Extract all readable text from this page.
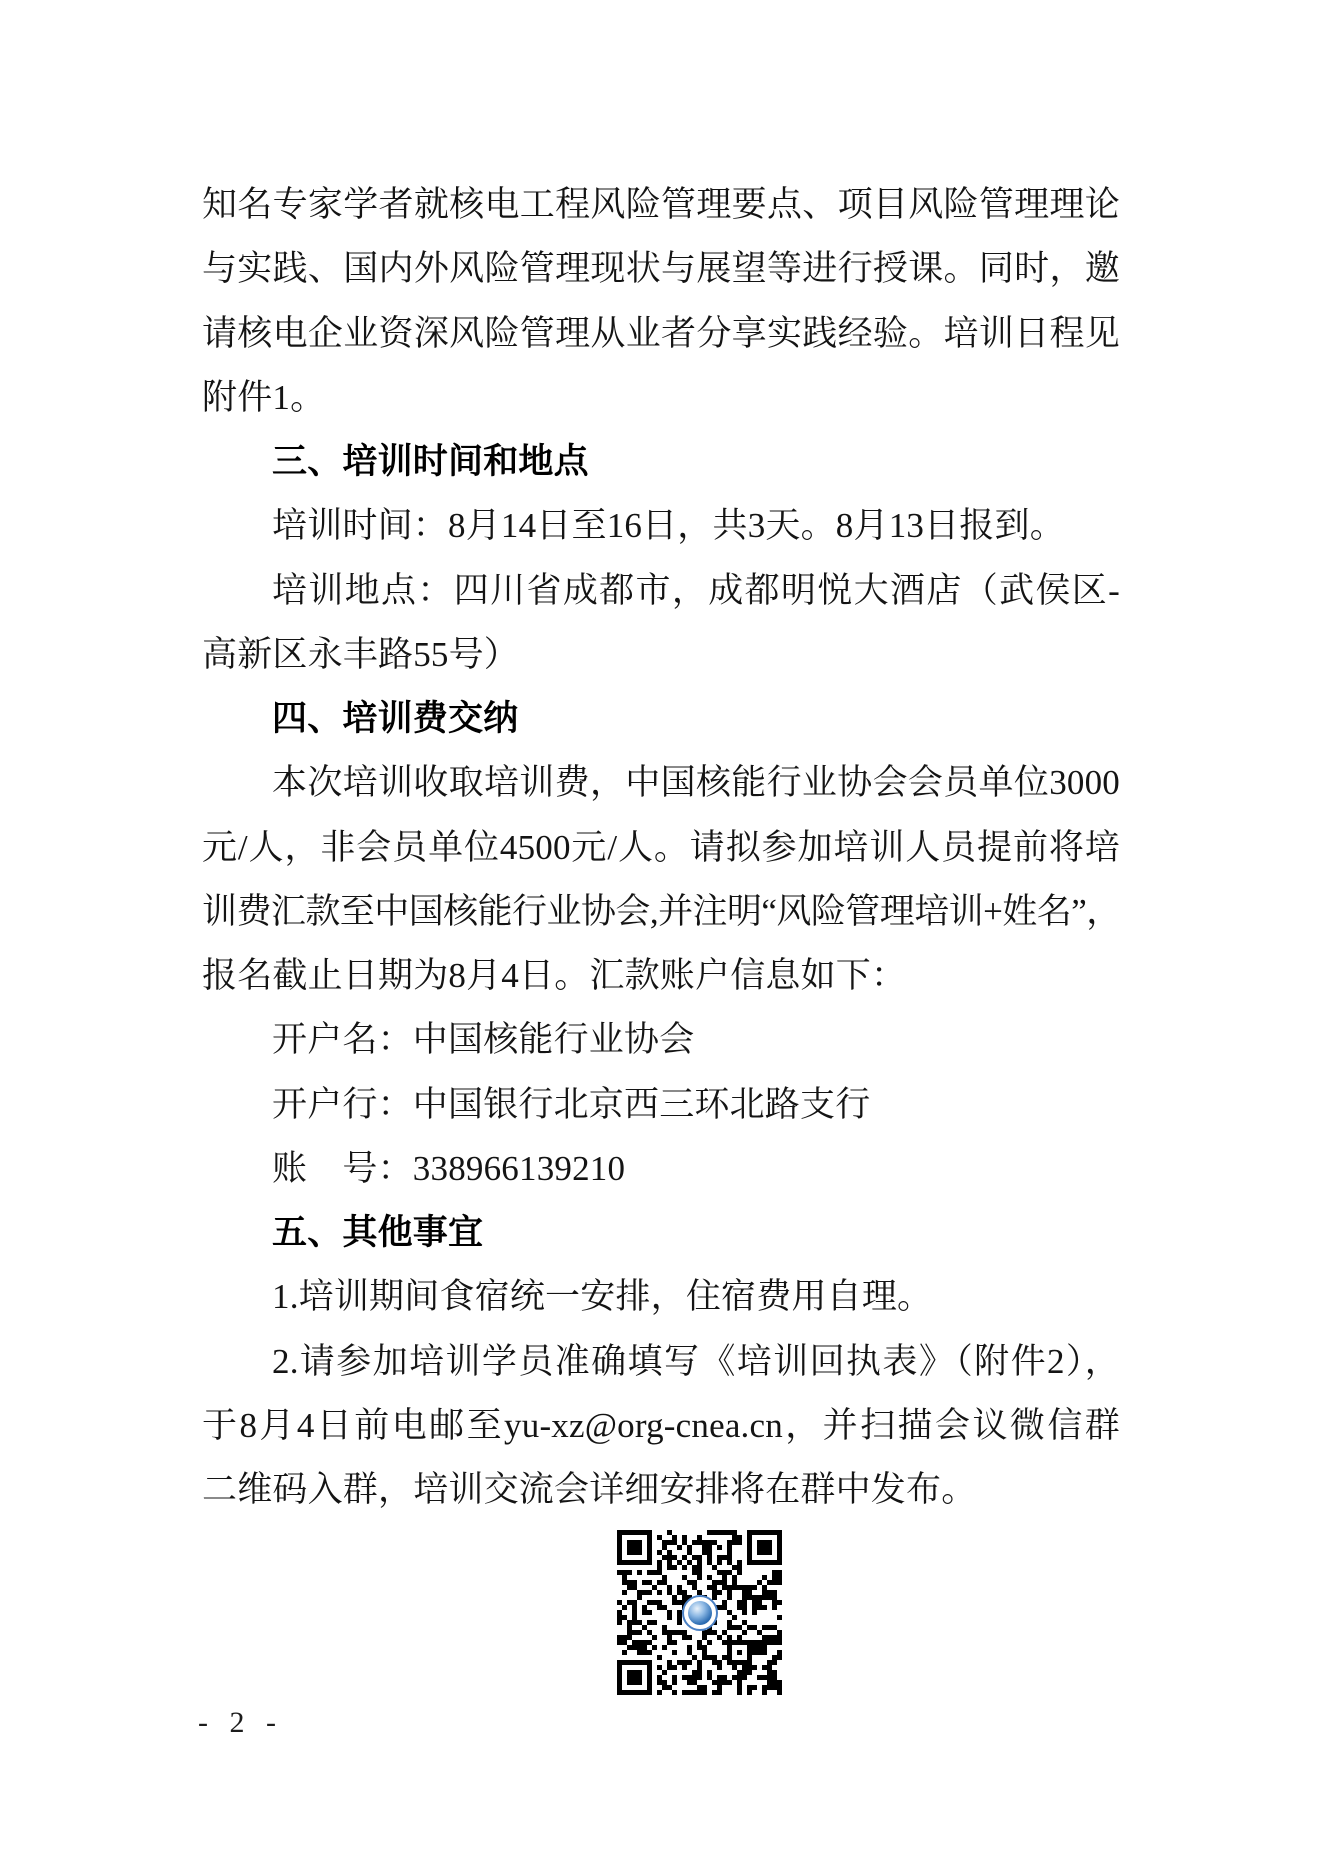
知名专家学者就核电工程风险管理要点、项目风险管理理论
与实践、国内外风险管理现状与展望等进行授课。同时，邀
请核电企业资深风险管理从业者分享实践经验。培训日程见
附件1。
三、培训时间和地点
培训时间：8月14日至16日，共3天。8月13日报到。
培训地点：四川省成都市，成都明悦大酒店（武侯区-
高新区永丰路55号）
四、培训费交纳
本次培训收取培训费，中国核能行业协会会员单位3000
元/人，非会员单位4500元/人。请拟参加培训人员提前将培
训费汇款至中国核能行业协会,并注明“风险管理培训+姓名”，
报名截止日期为8月4日。汇款账户信息如下：
开户名：中国核能行业协会
开户行：中国银行北京西三环北路支行
账　号：338966139210
五、其他事宜
1.培训期间食宿统一安排，住宿费用自理。
2.请参加培训学员准确填写《培训回执表》（附件2），
于8月4日前电邮至yu-xz@org-cnea.cn，并扫描会议微信群
二维码入群，培训交流会详细安排将在群中发布。
- 2 -
